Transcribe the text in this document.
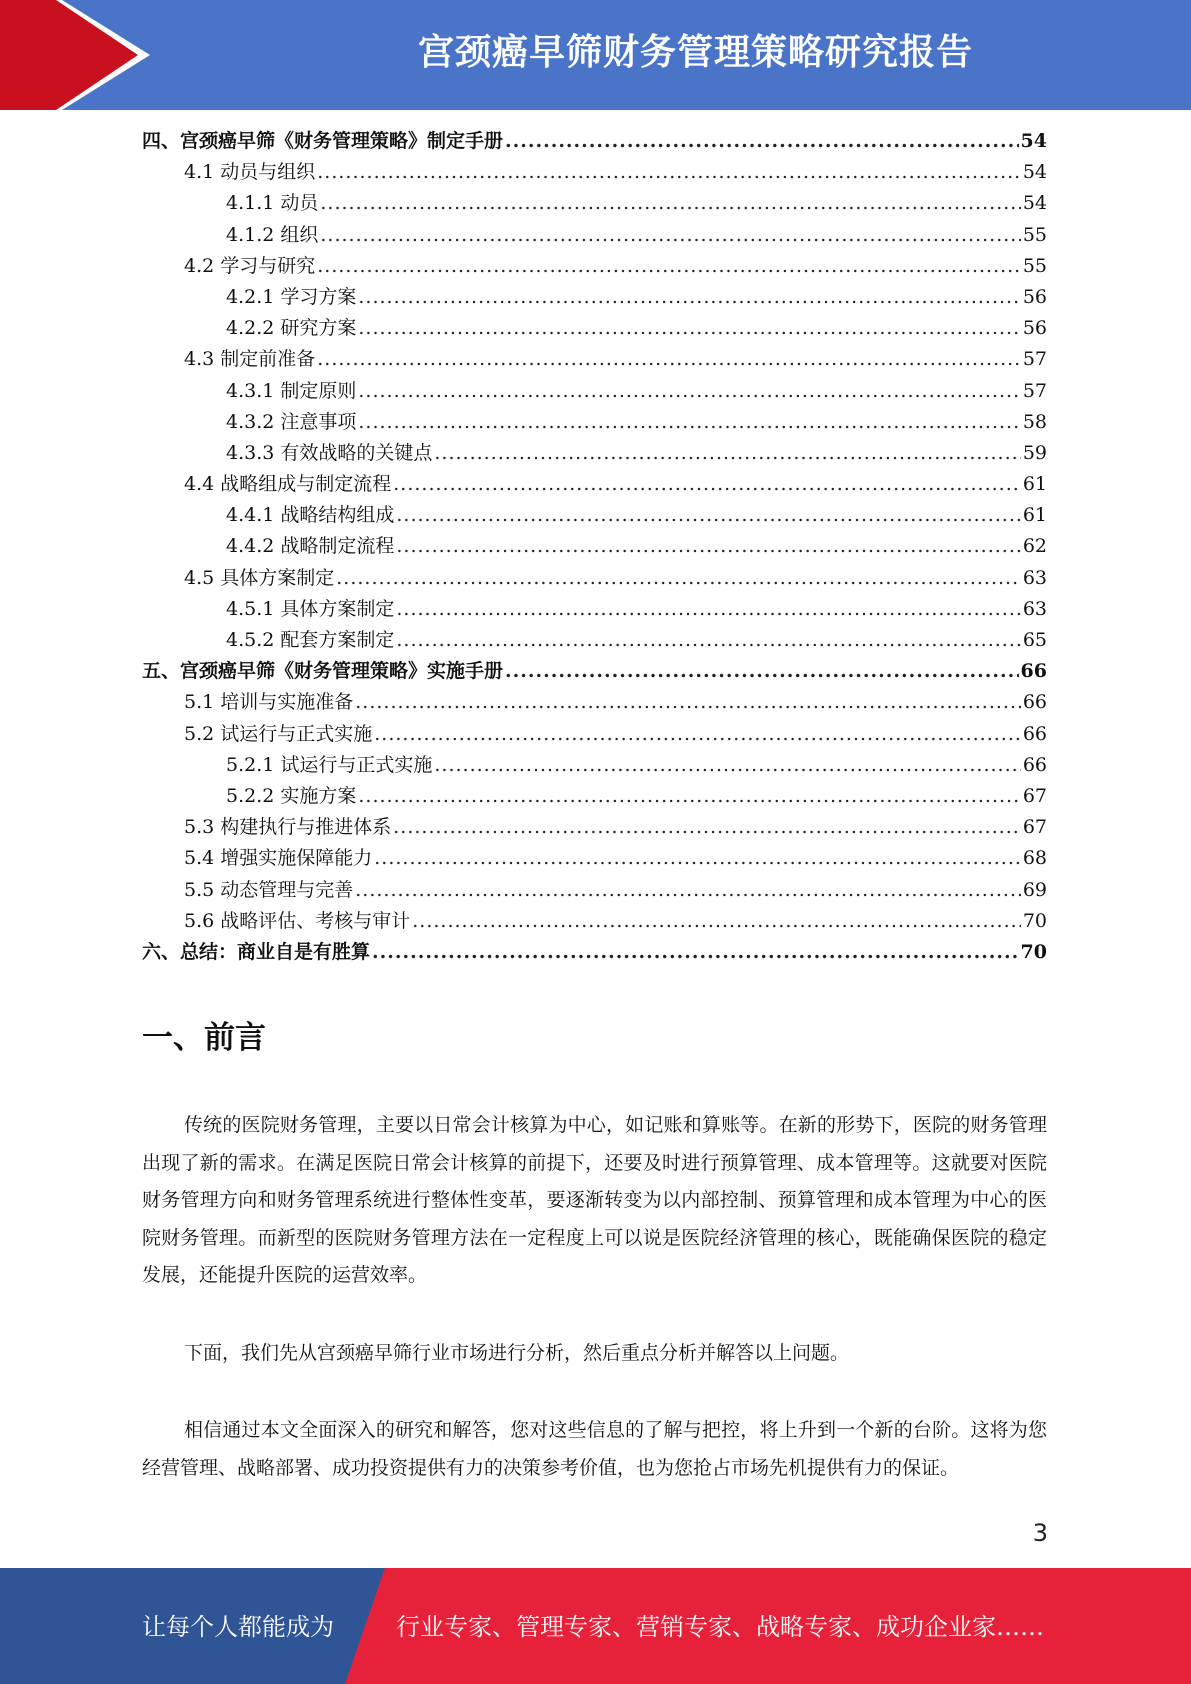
宫颈癌早筛财务管理策略研究报告
四、宫颈癌早筛《财务管理策略》制定手册 .....	54
4.1 动员与组织 .....	54
4.1.1 动员 .....	54
4.1.2 组织 .....	55
4.2 学习与研究 .....	55
4.2.1 学习方案 .....	56
4.2.2 研究方案 .....	56
4.3 制定前准备 .....	57
4.3.1 制定原则 .....	57
4.3.2 注意事项 .....	58
4.3.3 有效战略的关键点 .....	59
4.4 战略组成与制定流程 .....	61
4.4.1 战略结构组成 .....	61
4.4.2 战略制定流程 .....	62
4.5 具体方案制定 .....	63
4.5.1 具体方案制定 .....	63
4.5.2 配套方案制定 .....	65
五、宫颈癌早筛《财务管理策略》实施手册 .....	66
5.1 培训与实施准备 .....	66
5.2 试运行与正式实施 .....	66
5.2.1 试运行与正式实施 .....	66
5.2.2 实施方案 .....	67
5.3 构建执行与推进体系 .....	67
5.4 增强实施保障能力 .....	68
5.5 动态管理与完善 .....	69
5.6 战略评估、考核与审计 .....	70
六、总结：商业自是有胜算 .....	70
一、前言

传统的医院财务管理，主要以日常会计核算为中心，如记账和算账等。在新的形势下，医院的财务管理出现了新的需求。在满足医院日常会计核算的前提下，还要及时进行预算管理、成本管理等。这就要对医院财务管理方向和财务管理系统进行整体性变革，要逐渐转变为以内部控制、预算管理和成本管理为中心的医院财务管理。而新型的医院财务管理方法在一定程度上可以说是医院经济管理的核心，既能确保医院的稳定发展，还能提升医院的运营效率。

下面，我们先从宫颈癌早筛行业市场进行分析，然后重点分析并解答以上问题。

相信通过本文全面深入的研究和解答，您对这些信息的了解与把控，将上升到一个新的台阶。这将为您经营管理、战略部署、成功投资提供有力的决策参考价值，也为您抢占市场先机提供有力的保证。

3
让每个人都能成为	行业专家、管理专家、营销专家、战略专家、成功企业家……
